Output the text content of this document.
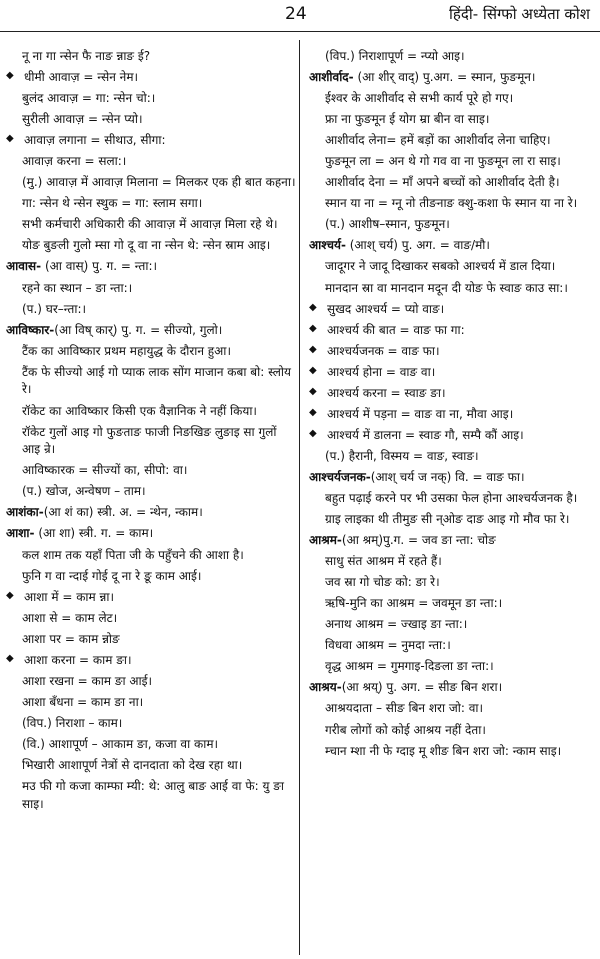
24	हिंदी- सिंग्फो अध्येता कोश
नू ना गा न्सेन फै नाङ न्नाङ ई?
◆ धीमी आवाज़ = न्सेन नेम।
बुलंद आवाज़ = गा: न्सेन चो:।
सुरीली आवाज़ = न्सेन प्यो।
◆ आवाज़ लगाना = सीथाउ, सीगा:
आवाज़ करना = सला:।
(मु.) आवाज़ में आवाज़ मिलाना = मिलकर एक ही बात कहना।
गा: न्सेन थे न्सेन स्थुक = गा: स्लाम सगा।
सभी कर्मचारी अधिकारी की आवाज़ में आवाज़ मिला रहे थे।
योङ बुङली गुलो म्सा गो दू वा ना न्सेन थे: न्सेन स्राम आइ।
आवास- (आ वास्) पु. ग. = न्ता:।
रहने का स्थान – ङा न्ता:।
(प.) घर–न्ता:।
आविष्कार-(आ विष् कार्) पु. ग. = सीज्यो, गुलो।
टैंक का आविष्कार प्रथम महायुद्ध के दौरान हुआ।
टैंक फे सीज्यो आई गो प्याक लाक सोंग माजान कबा बो: स्लोय रे।
रॉकेट का आविष्कार किसी एक वैज्ञानिक ने नहीं किया।
रॉकेट गुलों आइ गो फुङताङ फाजी निङखिङ लुङाइ सा गुलों आइ न्रे।
आविष्कारक = सीज्यों का, सीपो: वा।
(प.) खोज, अन्वेषण – ताम।
आशंका-(आ शं का) स्त्री. अ. = न्थेन, न्काम।
आशा- (आ शा) स्त्री. ग. = काम।
कल शाम तक यहाँ पिता जी के पहुँचने की आशा है।
फुनि ग वा न्दाई गोई दू ना रे ङू काम आई।
◆ आशा में = काम न्ना।
आशा से = काम लेट।
आशा पर = काम न्नोङ
◆ आशा करना = काम ङा।
आशा रखना = काम ङा आई।
आशा बँधना = काम ङा ना।
(विप.) निराशा – काम।
(वि.) आशापूर्ण – आकाम ङा, कजा वा काम।
भिखारी आशापूर्ण नेत्रों से दानदाता को देख रहा था।
मउ फी गो कजा काम्फा म्यी: थे: आलु बाङ आई वा फे: यु ङा साइ।
(विप.) निराशापूर्ण = न्प्यो आइ।
आशीर्वाद- (आ शीर् वाद्) पु.अग. = स्मान, फुङमून।
ईश्वर के आशीर्वाद से सभी कार्य पूरे हो गए।
फ्रा ना फुङमून ई योग म्रा बीन वा साइ।
आशीर्वाद लेना= हमें बड़ों का आशीर्वाद लेना चाहिए।
फुङमून ला = अन थे गो गव वा ना फुङमून ला रा साइ।
आशीर्वाद देना = माँ अपने बच्चों को आशीर्वाद देती है।
स्मान या ना = ग्नू नो तीङनाङ क्शु-कशा फे स्मान या ना रे।
(प.) आशीष–स्मान, फुङमून।
आश्चर्य- (आश् चर्य) पु. अग. = वाङ/मौ।
जादूगर ने जादू दिखाकर सबको आश्चर्य में डाल दिया।
मानदान स्रा वा मानदान मदून दी योङ फे स्वाङ काउ सा:।
◆ सुखद आश्चर्य = प्यो वाङ।
◆ आश्चर्य की बात = वाङ फा गा:
◆ आश्चर्यजनक = वाङ फा।
◆ आश्चर्य होना = वाङ वा।
◆ आश्चर्य करना = स्वाङ ङा।
◆ आश्चर्य में पड़ना = वाङ वा ना, मौवा आइ।
◆ आश्चर्य में डालना = स्वाङ गौ, सम्पै कौं आइ।
(प.) हैरानी, विस्मय = वाङ, स्वाङ।
आश्चर्यजनक-(आश् चर्य ज नक्) वि. = वाङ फा।
बहुत पढ़ाई करने पर भी उसका फेल होना आश्चर्यजनक है।
ग्राइ लाइका थी तीमुङ सी न्ओङ दाङ आइ गो मौव फा रे।
आश्रम-(आ श्रम्)पु.ग. = जव ङा न्ता: चोङ
साधु संत आश्रम में रहते हैं।
जव स्रा गो चोङ को: ङा रे।
ऋषि-मुनि का आश्रम = जवमून ङा न्ता:।
अनाथ आश्रम = ज्खाइ ङा न्ता:।
विधवा आश्रम = नुमदा न्ता:।
वृद्ध आश्रम = गुमगाइ-दिङला ङा न्ता:।
आश्रय-(आ श्रय्) पु. अग. = सीङ बिन शरा।
आश्रयदाता – सीङ बिन शरा जो: वा।
गरीब लोगों को कोई आश्रय नहीं देता।
म्चान म्शा नी फे ग्दाइ मू शीङ बिन शरा जो: न्काम साइ।
